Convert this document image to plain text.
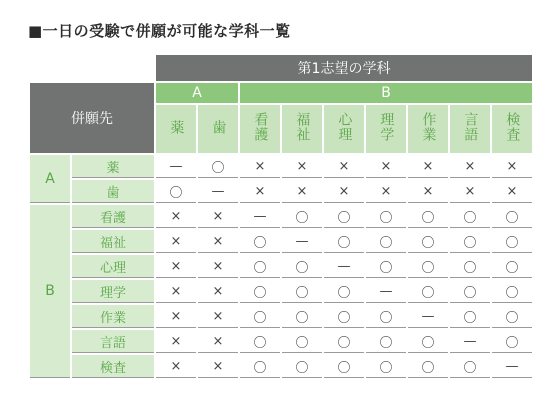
■一日の受験で併願が可能な学科一覧
		第1志望の学科								
併願先		A		B						
		薬	歯	看護	福祉	心理	理学	作業	言語	検査
A	薬	—	〇	×	×	×	×	×	×	×
	歯	〇	—	×	×	×	×	×	×	×
B	看護	×	×	—	〇	〇	〇	〇	〇	〇
	福祉	×	×	〇	—	〇	〇	〇	〇	〇
	心理	×	×	〇	〇	—	〇	〇	〇	〇
	理学	×	×	〇	〇	〇	—	〇	〇	〇
	作業	×	×	〇	〇	〇	〇	—	〇	〇
	言語	×	×	〇	〇	〇	〇	〇	—	〇
	検査	×	×	〇	〇	〇	〇	〇	〇	—
